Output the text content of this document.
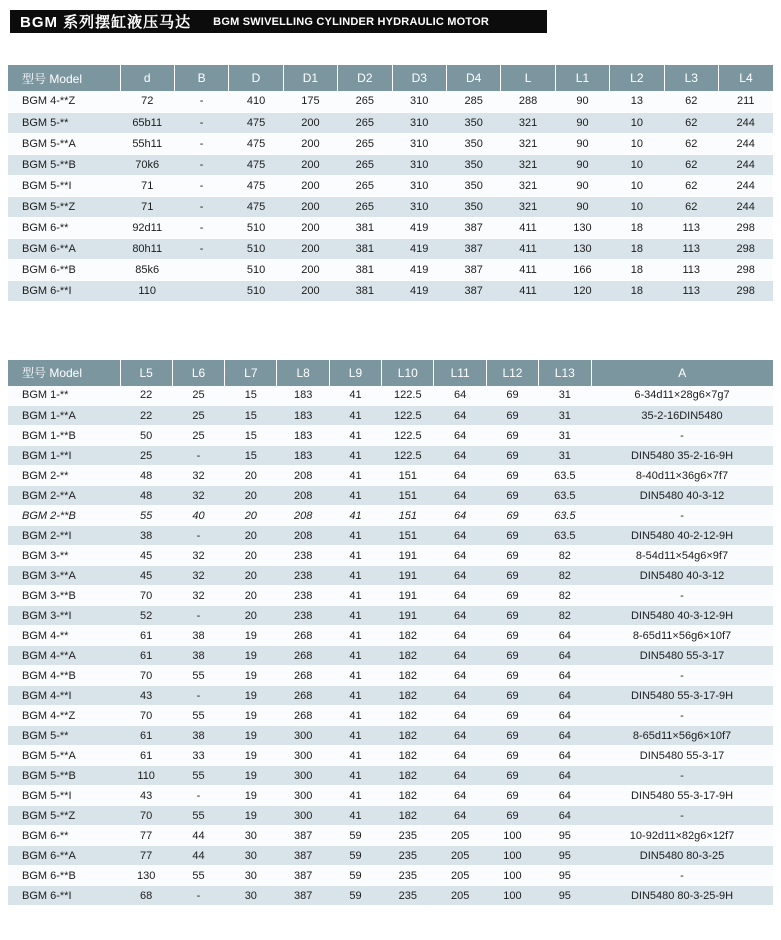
BGM 系列摆缸液压马达 BGM SWIVELLING CYLINDER HYDRAULIC MOTOR
型号 Model	d	B	D	D1	D2	D3	D4	L	L1	L2	L3	L4
BGM 4-**Z	72	-	410	175	265	310	285	288	90	13	62	211
BGM 5-**	65b11	-	475	200	265	310	350	321	90	10	62	244
BGM 5-**A	55h11	-	475	200	265	310	350	321	90	10	62	244
BGM 5-**B	70k6	-	475	200	265	310	350	321	90	10	62	244
BGM 5-**I	71	-	475	200	265	310	350	321	90	10	62	244
BGM 5-**Z	71	-	475	200	265	310	350	321	90	10	62	244
BGM 6-**	92d11	-	510	200	381	419	387	411	130	18	113	298
BGM 6-**A	80h11	-	510	200	381	419	387	411	130	18	113	298
BGM 6-**B	85k6		510	200	381	419	387	411	166	18	113	298
BGM 6-**I	110		510	200	381	419	387	411	120	18	113	298
型号 Model	L5	L6	L7	L8	L9	L10	L11	L12	L13	A
BGM 1-**	22	25	15	183	41	122.5	64	69	31	6-34d11×28g6×7g7
BGM 1-**A	22	25	15	183	41	122.5	64	69	31	35-2-16DIN5480
BGM 1-**B	50	25	15	183	41	122.5	64	69	31	-
BGM 1-**I	25	-	15	183	41	122.5	64	69	31	DIN5480 35-2-16-9H
BGM 2-**	48	32	20	208	41	151	64	69	63.5	8-40d11×36g6×7f7
BGM 2-**A	48	32	20	208	41	151	64	69	63.5	DIN5480 40-3-12
BGM 2-**B	55	40	20	208	41	151	64	69	63.5	-
BGM 2-**I	38	-	20	208	41	151	64	69	63.5	DIN5480 40-2-12-9H
BGM 3-**	45	32	20	238	41	191	64	69	82	8-54d11×54g6×9f7
BGM 3-**A	45	32	20	238	41	191	64	69	82	DIN5480 40-3-12
BGM 3-**B	70	32	20	238	41	191	64	69	82	-
BGM 3-**I	52	-	20	238	41	191	64	69	82	DIN5480 40-3-12-9H
BGM 4-**	61	38	19	268	41	182	64	69	64	8-65d11×56g6×10f7
BGM 4-**A	61	38	19	268	41	182	64	69	64	DIN5480 55-3-17
BGM 4-**B	70	55	19	268	41	182	64	69	64	-
BGM 4-**I	43	-	19	268	41	182	64	69	64	DIN5480 55-3-17-9H
BGM 4-**Z	70	55	19	268	41	182	64	69	64	-
BGM 5-**	61	38	19	300	41	182	64	69	64	8-65d11×56g6×10f7
BGM 5-**A	61	33	19	300	41	182	64	69	64	DIN5480 55-3-17
BGM 5-**B	110	55	19	300	41	182	64	69	64	-
BGM 5-**I	43	-	19	300	41	182	64	69	64	DIN5480 55-3-17-9H
BGM 5-**Z	70	55	19	300	41	182	64	69	64	-
BGM 6-**	77	44	30	387	59	235	205	100	95	10-92d11×82g6×12f7
BGM 6-**A	77	44	30	387	59	235	205	100	95	DIN5480 80-3-25
BGM 6-**B	130	55	30	387	59	235	205	100	95	-
BGM 6-**I	68	-	30	387	59	235	205	100	95	DIN5480 80-3-25-9H
